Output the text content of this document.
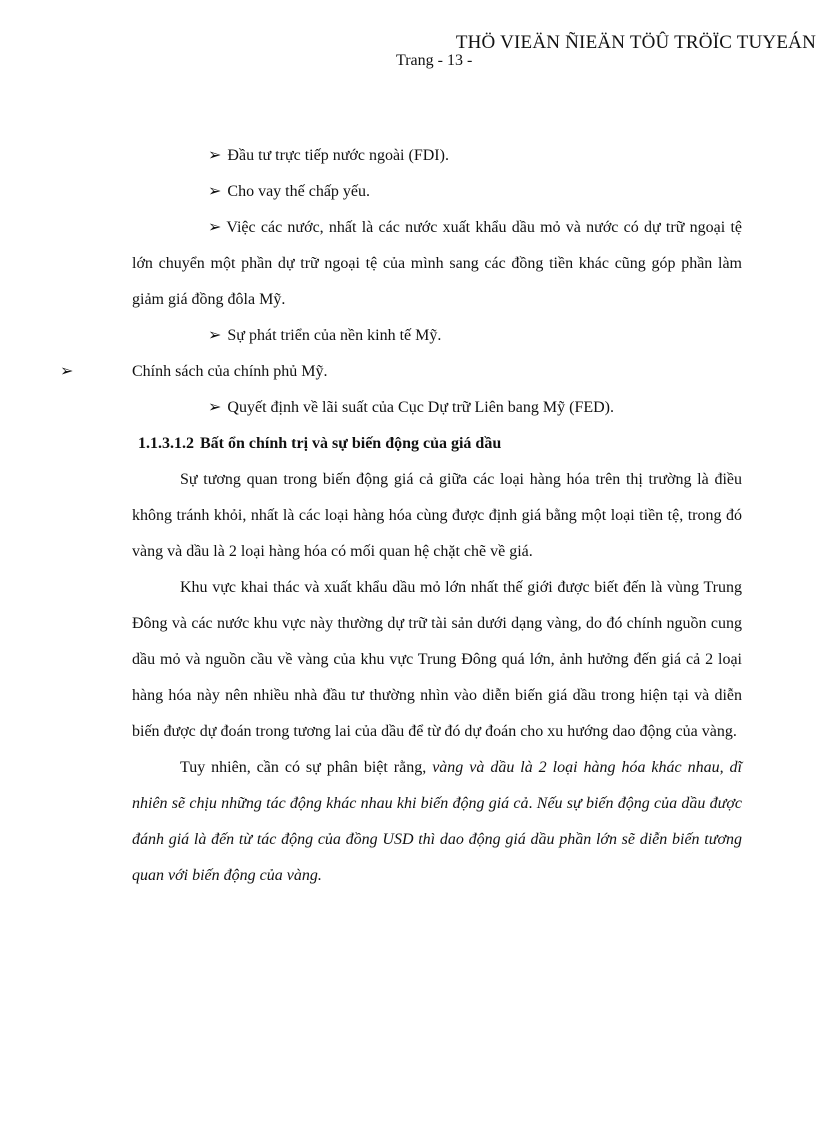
THÖ VIEÄN ÑIEÄN TÖÛ TRÖÏC TUYEÁN
Trang - 13 -

➢ Đầu tư trực tiếp nước ngoài (FDI).

➢ Cho vay thế chấp yếu.

➢ Việc các nước, nhất là các nước xuất khẩu dầu mỏ và nước có dự trữ ngoại tệ lớn chuyển một phần dự trữ ngoại tệ của mình sang các đồng tiền khác cũng góp phần làm giảm giá đồng đôla Mỹ.

➢ Sự phát triển của nền kinh tế Mỹ.

➢	Chính sách của chính phủ Mỹ.

➢ Quyết định về lãi suất của Cục Dự trữ Liên bang Mỹ (FED).

1.1.3.1.2 Bất ổn chính trị và sự biến động của giá dầu

Sự tương quan trong biến động giá cả giữa các loại hàng hóa trên thị trường là điều không tránh khỏi, nhất là các loại hàng hóa cùng được định giá bằng một loại tiền tệ, trong đó vàng và dầu là 2 loại hàng hóa có mối quan hệ chặt chẽ về giá.

Khu vực khai thác và xuất khẩu dầu mỏ lớn nhất thế giới được biết đến là vùng Trung Đông và các nước khu vực này thường dự trữ tài sản dưới dạng vàng, do đó chính nguồn cung dầu mỏ và nguồn cầu về vàng của khu vực Trung Đông quá lớn, ảnh hưởng đến giá cả 2 loại hàng hóa này nên nhiều nhà đầu tư thường nhìn vào diễn biến giá dầu trong hiện tại và diễn biến được dự đoán trong tương lai của dầu để từ đó dự đoán cho xu hướng dao động của vàng.

Tuy nhiên, cần có sự phân biệt rằng, vàng và dầu là 2 loại hàng hóa khác nhau, dĩ nhiên sẽ chịu những tác động khác nhau khi biến động giá cả. Nếu sự biến động của dầu được đánh giá là đến từ tác động của đồng USD thì dao động giá dầu phần lớn sẽ diễn biến tương quan với biến động của vàng.
